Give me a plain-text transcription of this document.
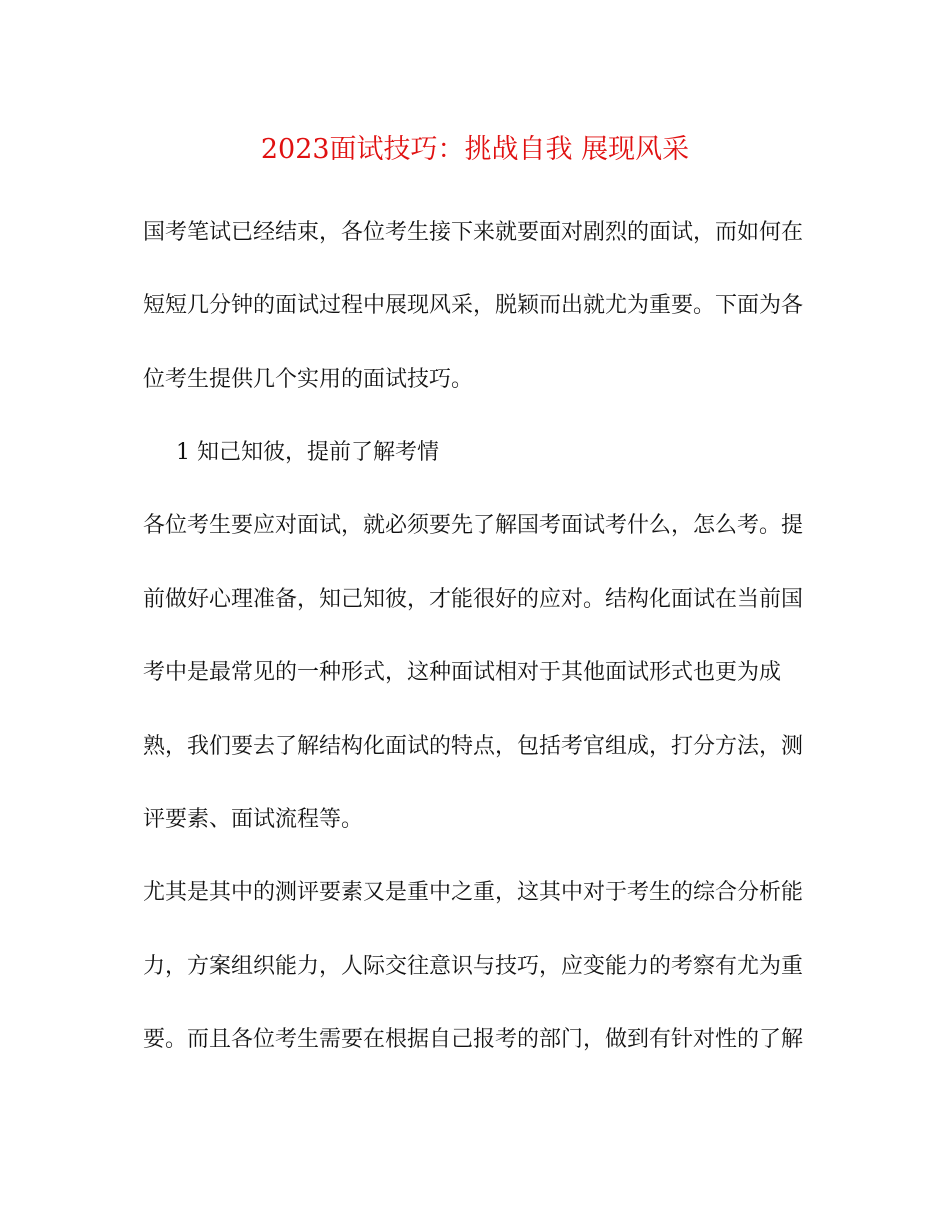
2023面试技巧：挑战自我 展现风采
国考笔试已经结束，各位考生接下来就要面对剧烈的面试，而如何在
短短几分钟的面试过程中展现风采，脱颖而出就尤为重要。下面为各
位考生提供几个实用的面试技巧。
1 知己知彼，提前了解考情
各位考生要应对面试，就必须要先了解国考面试考什么，怎么考。提
前做好心理准备，知己知彼，才能很好的应对。结构化面试在当前国
考中是最常见的一种形式，这种面试相对于其他面试形式也更为成
熟，我们要去了解结构化面试的特点，包括考官组成，打分方法，测
评要素、面试流程等。
尤其是其中的测评要素又是重中之重，这其中对于考生的综合分析能
力，方案组织能力，人际交往意识与技巧，应变能力的考察有尤为重
要。而且各位考生需要在根据自己报考的部门，做到有针对性的了解
